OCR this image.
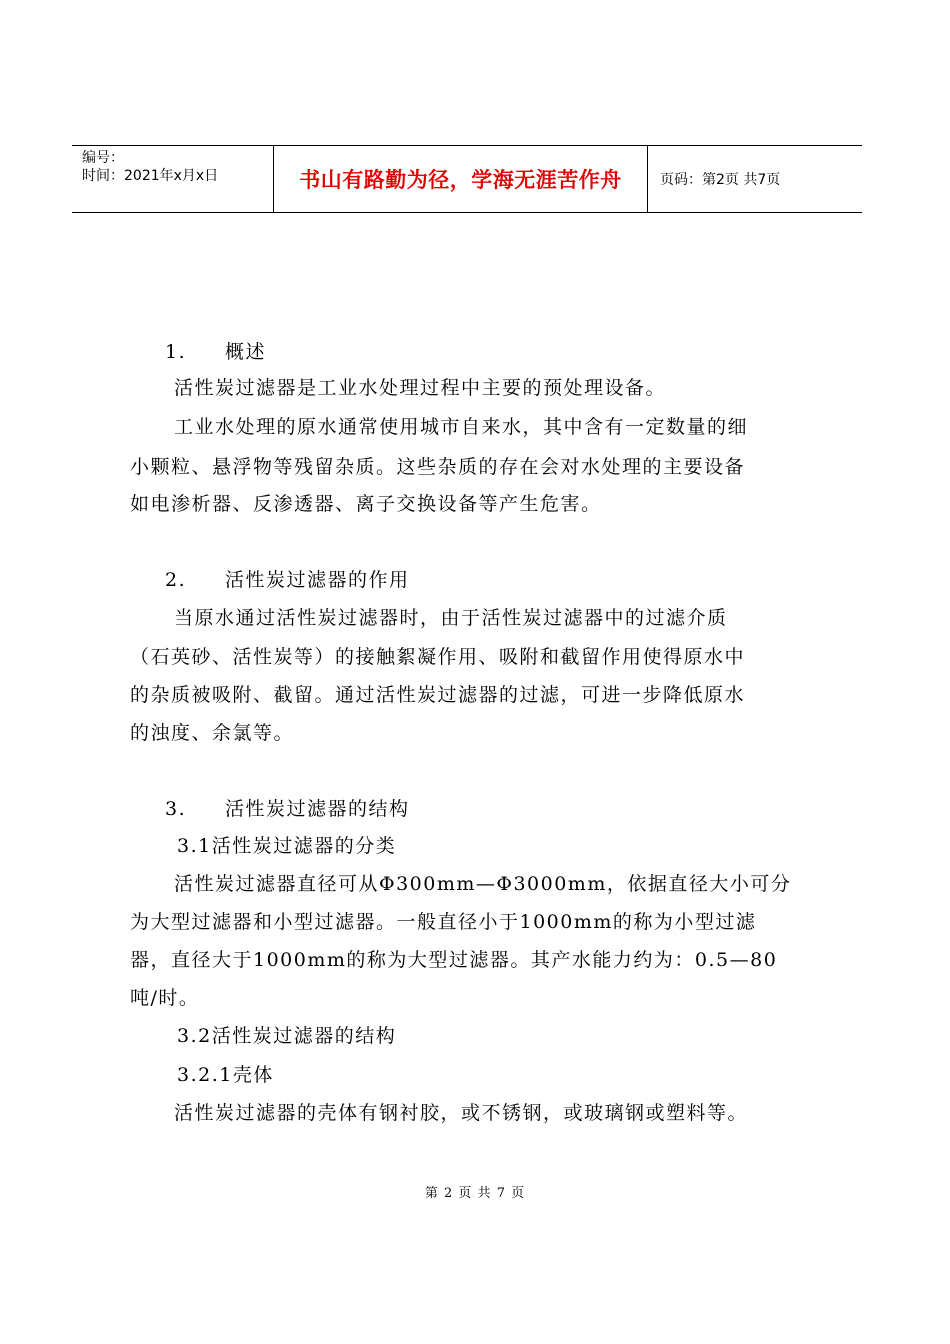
编号：
时间：2021年x月x日	书山有路勤为径，学海无涯苦作舟	页码：第2页 共7页
1. 概述
活性炭过滤器是工业水处理过程中主要的预处理设备。
工业水处理的原水通常使用城市自来水，其中含有一定数量的细
小颗粒、悬浮物等残留杂质。这些杂质的存在会对水处理的主要设备
如电渗析器、反渗透器、离子交换设备等产生危害。
2. 活性炭过滤器的作用
当原水通过活性炭过滤器时，由于活性炭过滤器中的过滤介质
（石英砂、活性炭等）的接触絮凝作用、吸附和截留作用使得原水中
的杂质被吸附、截留。通过活性炭过滤器的过滤，可进一步降低原水
的浊度、余氯等。
3. 活性炭过滤器的结构
3.1活性炭过滤器的分类
活性炭过滤器直径可从Φ300mm—Φ3000mm，依据直径大小可分
为大型过滤器和小型过滤器。一般直径小于1000mm的称为小型过滤
器，直径大于1000mm的称为大型过滤器。其产水能力约为：0.5—80
吨/时。
3.2活性炭过滤器的结构
3.2.1壳体
活性炭过滤器的壳体有钢衬胶，或不锈钢，或玻璃钢或塑料等。
第 2 页 共 7 页
